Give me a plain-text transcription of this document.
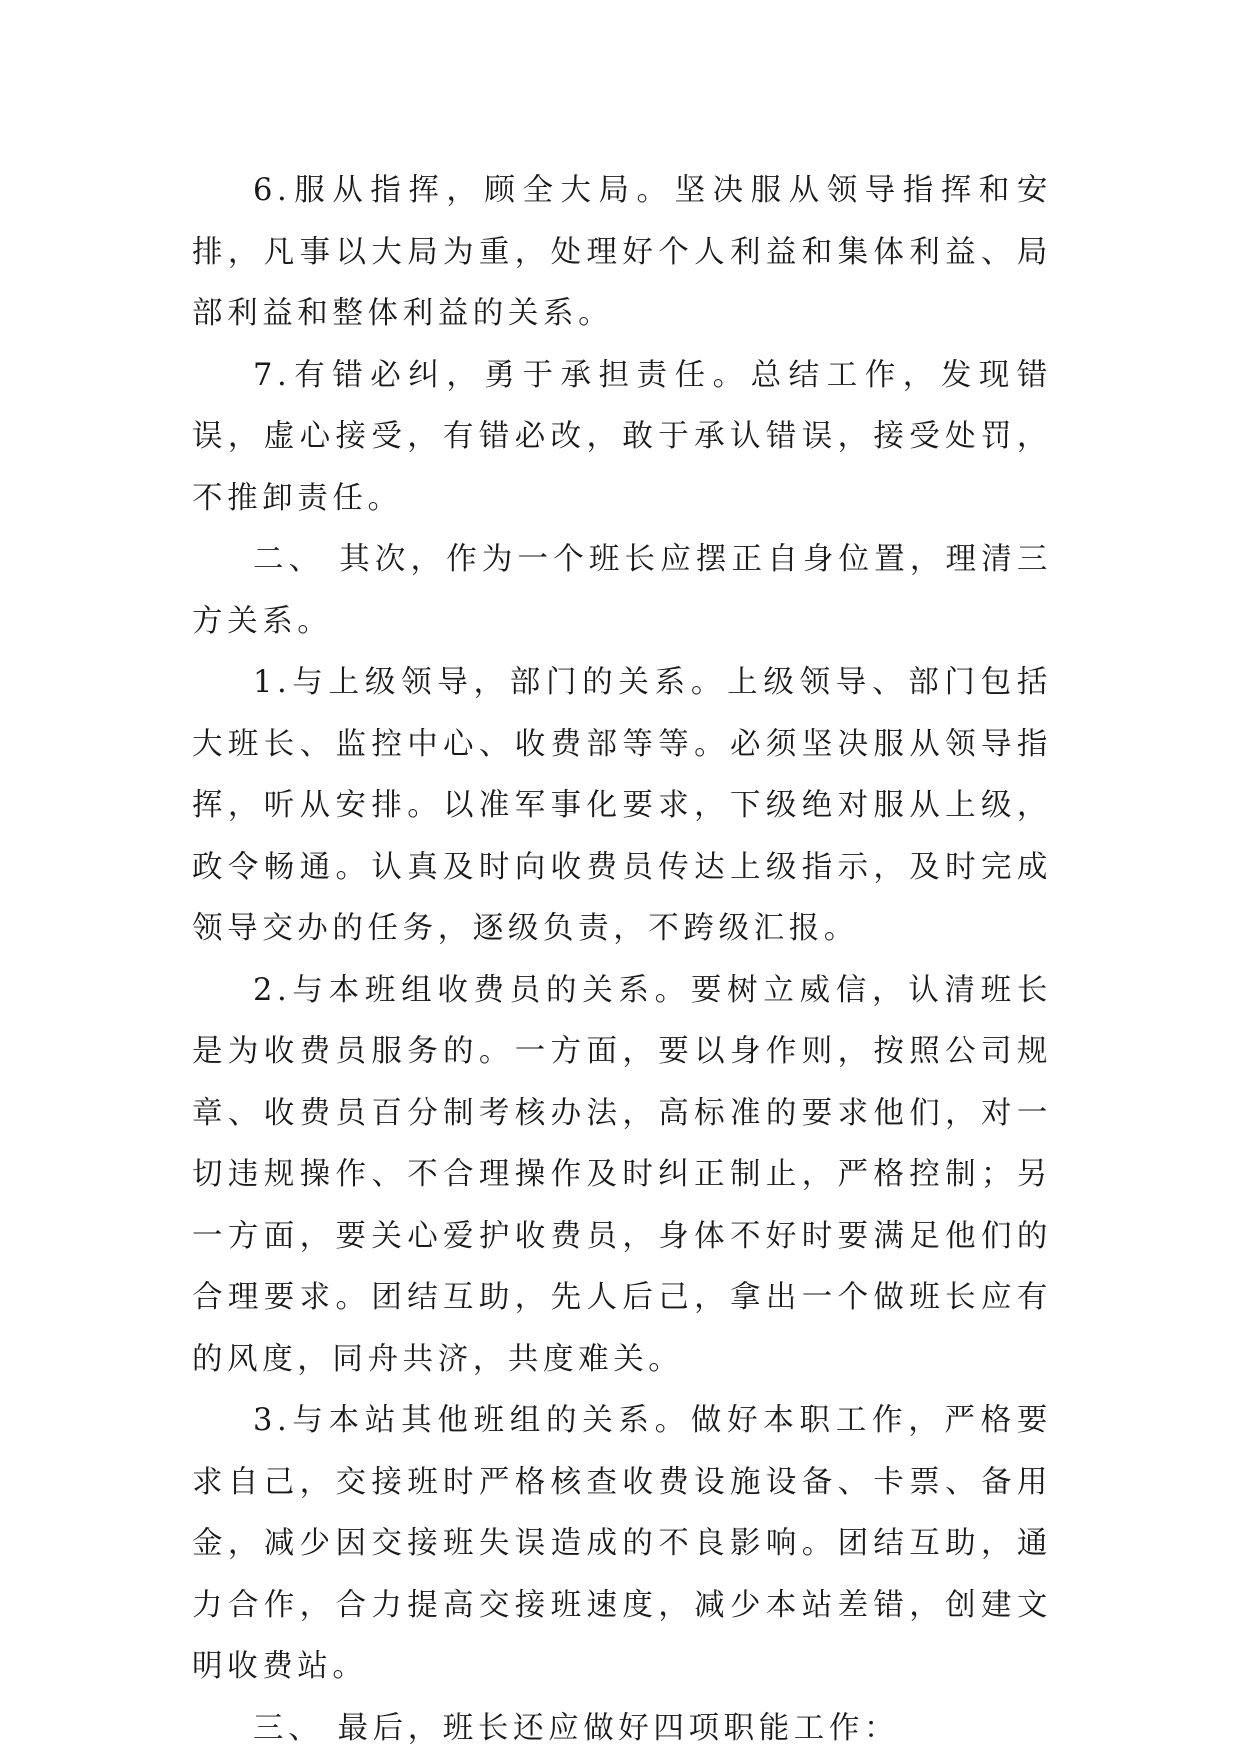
6.服从指挥，顾全大局。坚决服从领导指挥和安排，凡事以大局为重，处理好个人利益和集体利益、局部利益和整体利益的关系。

7.有错必纠，勇于承担责任。总结工作，发现错误，虚心接受，有错必改，敢于承认错误，接受处罚，不推卸责任。

二、 其次，作为一个班长应摆正自身位置，理清三方关系。

1.与上级领导，部门的关系。上级领导、部门包括大班长、监控中心、收费部等等。必须坚决服从领导指挥，听从安排。以准军事化要求，下级绝对服从上级，政令畅通。认真及时向收费员传达上级指示，及时完成领导交办的任务，逐级负责，不跨级汇报。

2.与本班组收费员的关系。要树立威信，认清班长是为收费员服务的。一方面，要以身作则，按照公司规章、收费员百分制考核办法，高标准的要求他们，对一切违规操作、不合理操作及时纠正制止，严格控制；另一方面，要关心爱护收费员，身体不好时要满足他们的合理要求。团结互助，先人后己，拿出一个做班长应有的风度，同舟共济，共度难关。

3.与本站其他班组的关系。做好本职工作，严格要求自己，交接班时严格核查收费设施设备、卡票、备用金，减少因交接班失误造成的不良影响。团结互助，通力合作，合力提高交接班速度，减少本站差错，创建文明收费站。

三、 最后，班长还应做好四项职能工作：
